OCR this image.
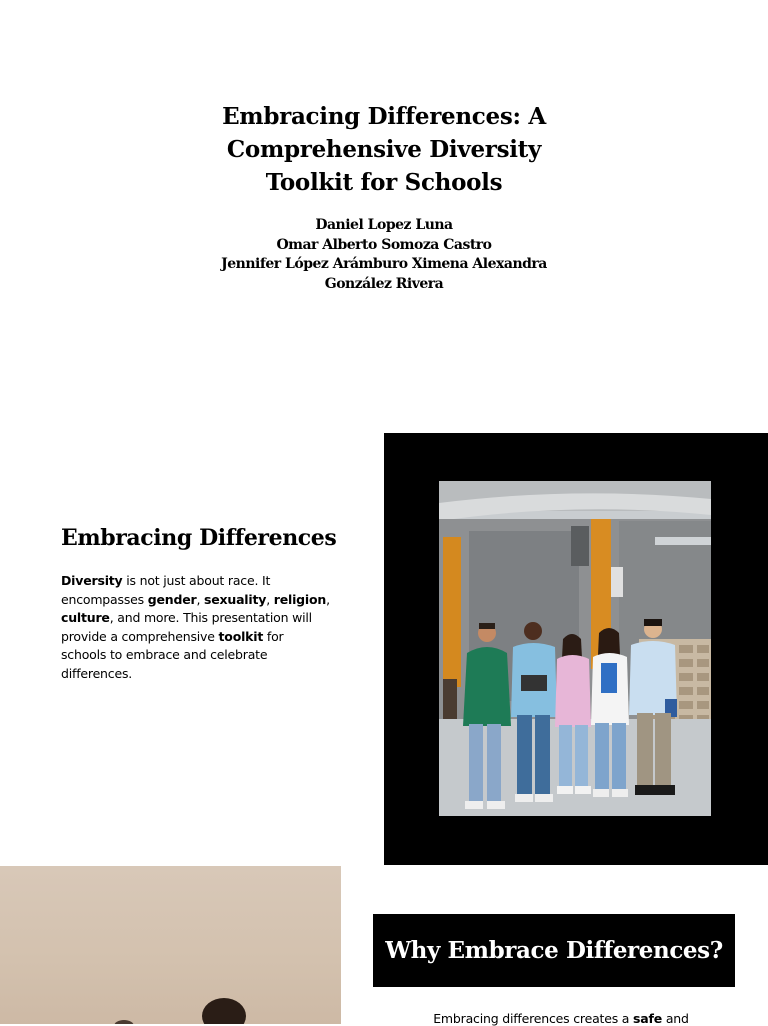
Embracing Differences: A
Comprehensive Diversity
Toolkit for Schools
Daniel Lopez Luna
Omar Alberto Somoza Castro
Jennifer López Arámburo Ximena Alexandra
González Rivera
Embracing Differences

Diversity is not just about race. It encompasses gender, sexuality, religion, culture, and more. This presentation will provide a comprehensive toolkit for schools to embrace and celebrate differences.

Why Embrace Differences?

Embracing differences creates a safe and
